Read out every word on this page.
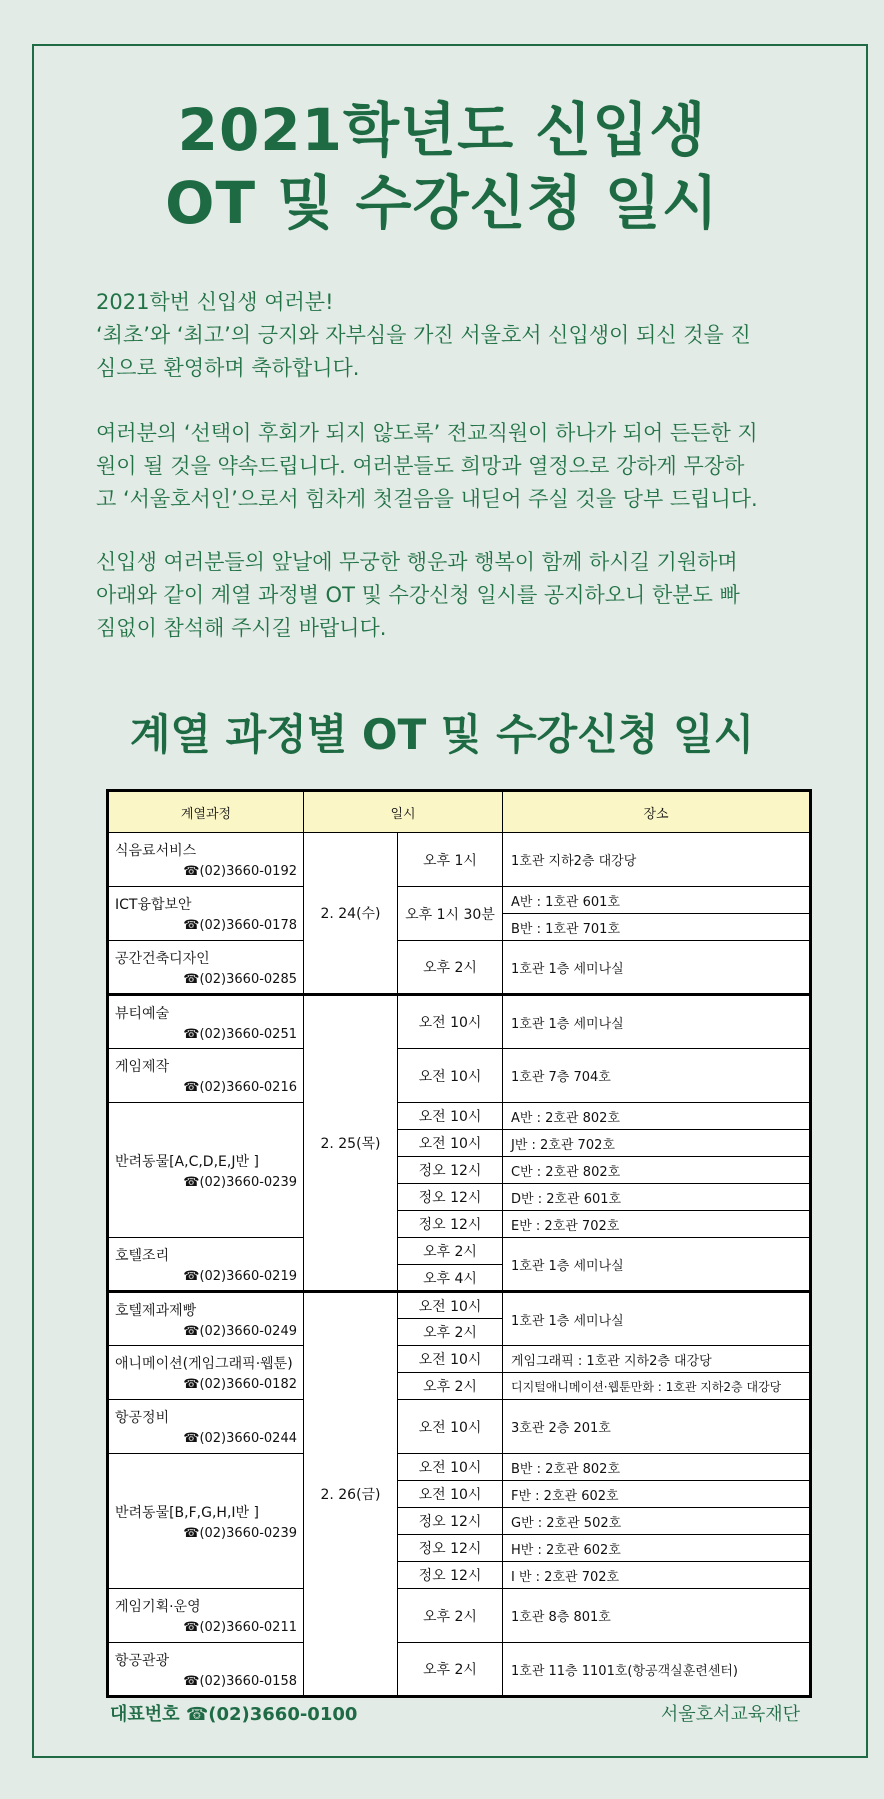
2021학년도 신입생
OT 및 수강신청 일시
2021학번 신입생 여러분!
‘최초’와 ‘최고’의 긍지와 자부심을 가진 서울호서 신입생이 되신 것을 진
심으로 환영하며 축하합니다.
여러분의 ‘선택이 후회가 되지 않도록’ 전교직원이 하나가 되어 든든한 지
원이 될 것을 약속드립니다. 여러분들도 희망과 열정으로 강하게 무장하
고 ‘서울호서인’으로서 힘차게 첫걸음을 내딛어 주실 것을 당부 드립니다.
신입생 여러분들의 앞날에 무궁한 행운과 행복이 함께 하시길 기원하며
아래와 같이 계열 과정별 OT 및 수강신청 일시를 공지하오니 한분도 빠
짐없이 참석해 주시길 바랍니다.
계열 과정별 OT 및 수강신청 일시
계열과정	일시		장소

식음료서비스
☎(02)3660-0192	2. 24(수)	오후 1시	1호관 지하2층 대강당

ICT융합보안
☎(02)3660-0178		오후 1시 30분	A반 : 1호관 601호
			B반 : 1호관 701호

공간건축디자인
☎(02)3660-0285		오후 2시	1호관 1층 세미나실

뷰티예술
☎(02)3660-0251	2. 25(목)	오전 10시	1호관 1층 세미나실

게임제작
☎(02)3660-0216		오전 10시	1호관 7층 704호

반려동물[A,C,D,E,J반 ]
☎(02)3660-0239		오전 10시	A반 : 2호관 802호
		오전 10시	J반 : 2호관 702호
		정오 12시	C반 : 2호관 802호
		정오 12시	D반 : 2호관 601호
		정오 12시	E반 : 2호관 702호

호텔조리
☎(02)3660-0219		오후 2시	1호관 1층 세미나실
		오후 4시	

호텔제과제빵
☎(02)3660-0249	2. 26(금)	오전 10시	1호관 1층 세미나실
		오후 2시	

애니메이션(게임그래픽·웹툰)
☎(02)3660-0182		오전 10시	게임그래픽 : 1호관 지하2층 대강당
		오후 2시	디지털애니메이션·웹툰만화 : 1호관 지하2층 대강당

항공정비
☎(02)3660-0244		오전 10시	3호관 2층 201호

반려동물[B,F,G,H,I반 ]
☎(02)3660-0239		오전 10시	B반 : 2호관 802호
		오전 10시	F반 : 2호관 602호
		정오 12시	G반 : 2호관 502호
		정오 12시	H반 : 2호관 602호
		정오 12시	I 반 : 2호관 702호

게임기획·운영
☎(02)3660-0211		오후 2시	1호관 8층 801호

항공관광
☎(02)3660-0158		오후 2시	1호관 11층 1101호(항공객실훈련센터)
대표번호 ☎(02)3660-0100	서울호서교육재단
